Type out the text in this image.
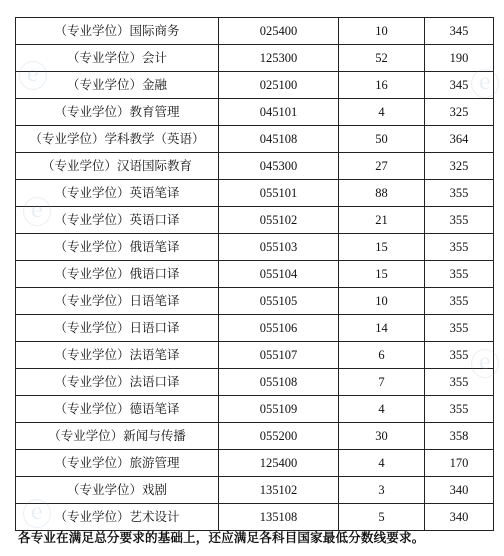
（专业学位）国际商务	025400	10	345
（专业学位）会计	125300	52	190
（专业学位）金融	025100	16	345
（专业学位）教育管理	045101	4	325
（专业学位）学科教学（英语）	045108	50	364
（专业学位）汉语国际教育	045300	27	325
（专业学位）英语笔译	055101	88	355
（专业学位）英语口译	055102	21	355
（专业学位）俄语笔译	055103	15	355
（专业学位）俄语口译	055104	15	355
（专业学位）日语笔译	055105	10	355
（专业学位）日语口译	055106	14	355
（专业学位）法语笔译	055107	6	355
（专业学位）法语口译	055108	7	355
（专业学位）德语笔译	055109	4	355
（专业学位）新闻与传播	055200	30	358
（专业学位）旅游管理	125400	4	170
（专业学位）戏剧	135102	3	340
（专业学位）艺术设计	135108	5	340
各专业在满足总分要求的基础上，还应满足各科目国家最低分数线要求。
ⓔ
ⓔ
ⓔ
ⓔ
ⓔ
